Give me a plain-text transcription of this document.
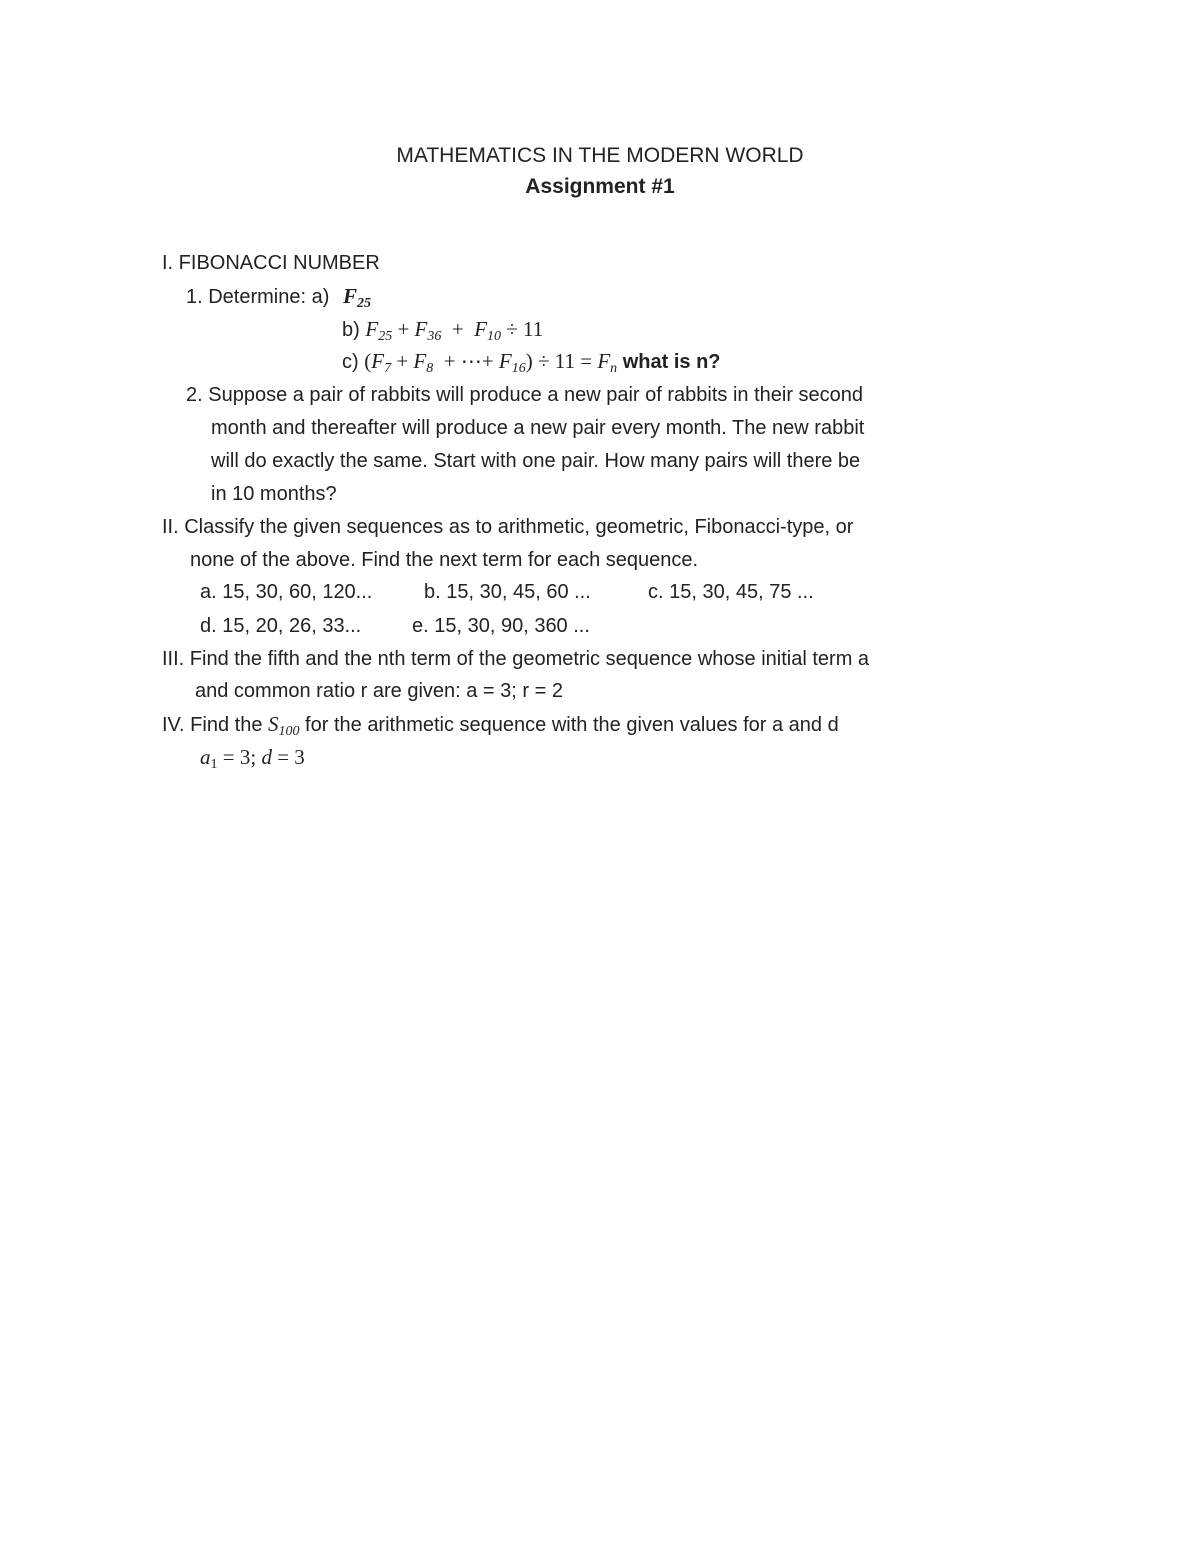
MATHEMATICS IN THE MODERN WORLD
Assignment #1
I. FIBONACCI NUMBER
1. Determine: a) $F_{25}$
b) $F_{25} + F_{36} + F_{10} \div 11$
c) ($F_7 + F_8$  + ⋯+ $F_{16}) \div 11 = F_n$ what is n?
2. Suppose a pair of rabbits will produce a new pair of rabbits in their second
month and thereafter will produce a new pair every month. The new rabbit
will do exactly the same. Start with one pair. How many pairs will there be
in 10 months?
II. Classify the given sequences as to arithmetic, geometric, Fibonacci-type, or
none of the above. Find the next term for each sequence.
a. 15, 30, 60, 120...	b. 15, 30, 45, 60 ...	c. 15, 30, 45, 75 ...
d. 15, 20, 26, 33...	e. 15, 30, 90, 360 ...
III. Find the fifth and the nth term of the geometric sequence whose initial term a
and common ratio r are given: a = 3; r = 2
IV. Find the $S_{100}$ for the arithmetic sequence with the given values for a and d
$a_1 = 3$; d = 3
